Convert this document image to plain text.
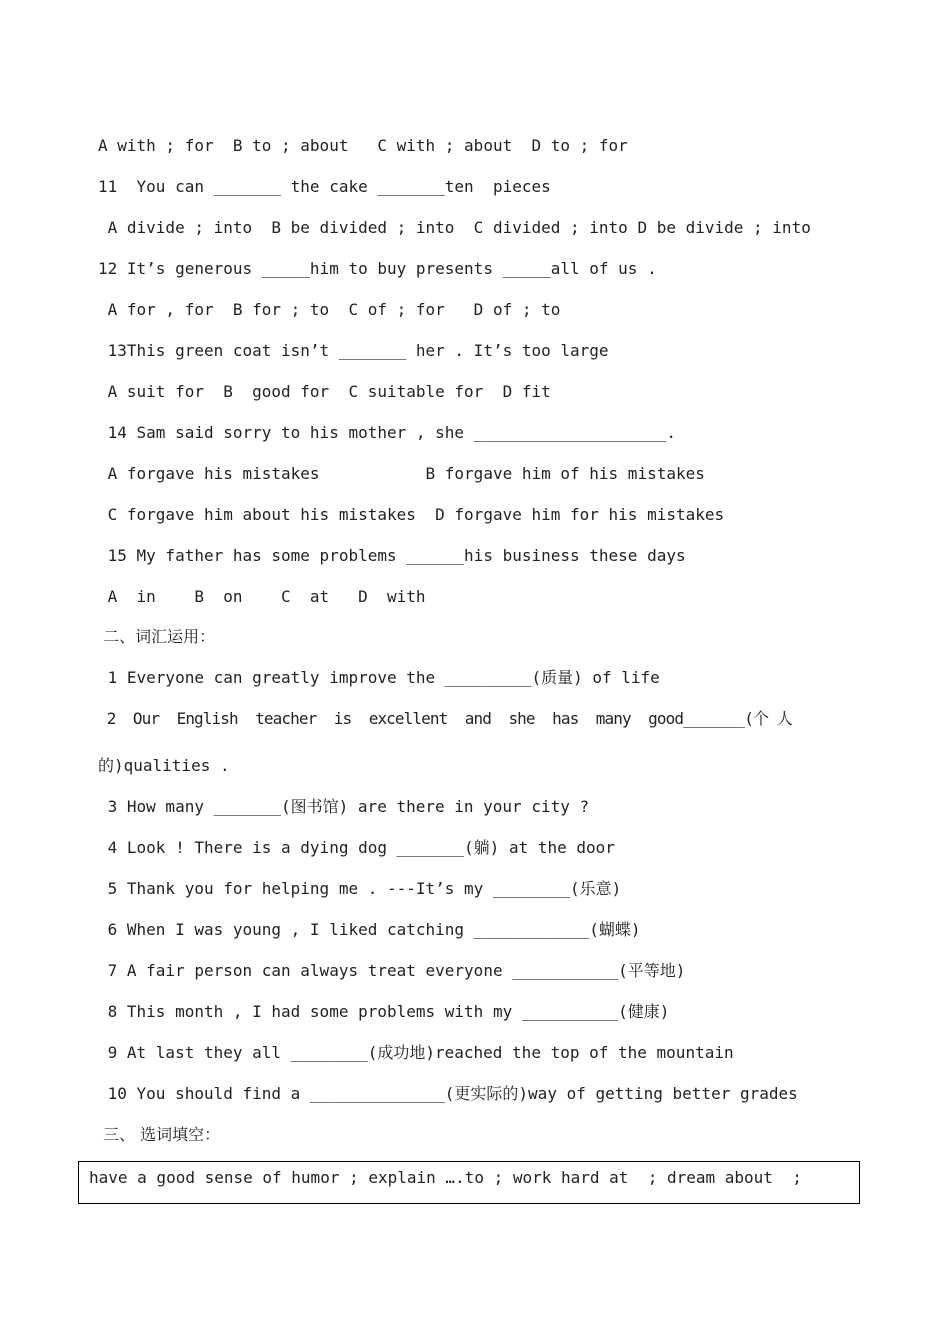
A with ; for  B to ; about   C with ; about  D to ; for
11  You can _______ the cake _______ten  pieces
A divide ; into  B be divided ; into  C divided ; into D be divide ; into
12 It’s generous _____him to buy presents _____all of us .
A for , for  B for ; to  C of ; for   D of ; to
13This green coat isn’t _______ her . It’s too large
A suit for  B  good for  C suitable for  D fit
14 Sam said sorry to his mother , she ____________________.
A forgave his mistakes           B forgave him of his mistakes
C forgave him about his mistakes  D forgave him for his mistakes
15 My father has some problems ______his business these days
A  in    B  on    C  at   D  with
二、词汇运用：
1 Everyone can greatly improve the _________(质量) of life
2  Our  English  teacher  is  excellent  and  she  has  many  good_______(个 人
的)qualities .
3 How many _______(图书馆) are there in your city ?
4 Look ! There is a dying dog _______(躺) at the door
5 Thank you for helping me . ---It’s my ________(乐意)
6 When I was young , I liked catching ____________(蝴蝶)
7 A fair person can always treat everyone ___________(平等地)
8 This month , I had some problems with my __________(健康)
9 At last they all ________(成功地)reached the top of the mountain
10 You should find a ______________(更实际的)way of getting better grades
三、 选词填空：
have a good sense of humor ; explain ….to ; work hard at  ; dream about  ;
